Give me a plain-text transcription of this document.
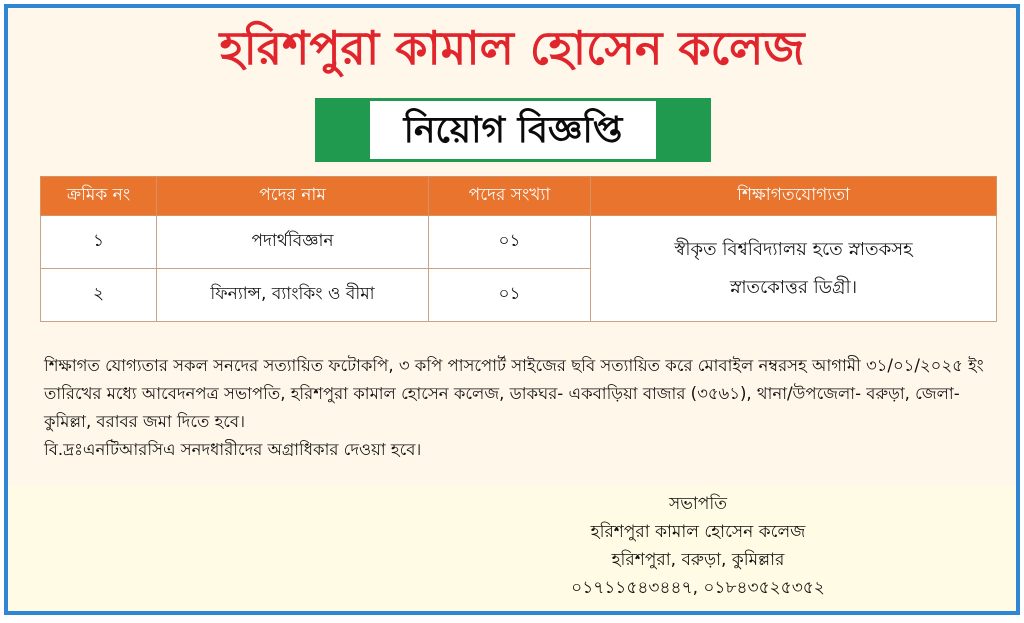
হরিশপুরা কামাল হোসেন কলেজ
নিয়োগ বিজ্ঞপ্তি
ক্রমিক নং	পদের নাম	পদের সংখ্যা	শিক্ষাগতযোগ্যতা
১	পদার্থবিজ্ঞান	০১	স্বীকৃত বিশ্ববিদ্যালয় হতে স্নাতকসহ
স্নাতকোত্তর ডিগ্রী।

২	ফিন্যান্স, ব্যাংকিং ও বীমা	০১	

শিক্ষাগত যোগ্যতার সকল সনদের সত্যায়িত ফটোকপি, ৩ কপি পাসপোর্ট সাইজের ছবি সত্যায়িত করে মোবাইল নম্বরসহ আগামী ৩১/০১/২০২৫ ইং তারিখের মধ্যে আবেদনপত্র সভাপতি, হরিশপুরা কামাল হোসেন কলেজ, ডাকঘর- একবাড়িয়া বাজার (৩৫৬১), থানা/উপজেলা- বরুড়া, জেলা-কুমিল্লা, বরাবর জমা দিতে হবে।

বি.দ্রঃএনটিআরসিএ সনদধারীদের অগ্রাধিকার দেওয়া হবে।

সভাপতি
হরিশপুরা কামাল হোসেন কলেজ
হরিশপুরা, বরুড়া, কুমিল্লার
০১৭১১৫৪৩৪৪৭, ০১৮৪৩৫২৫৩৫২
